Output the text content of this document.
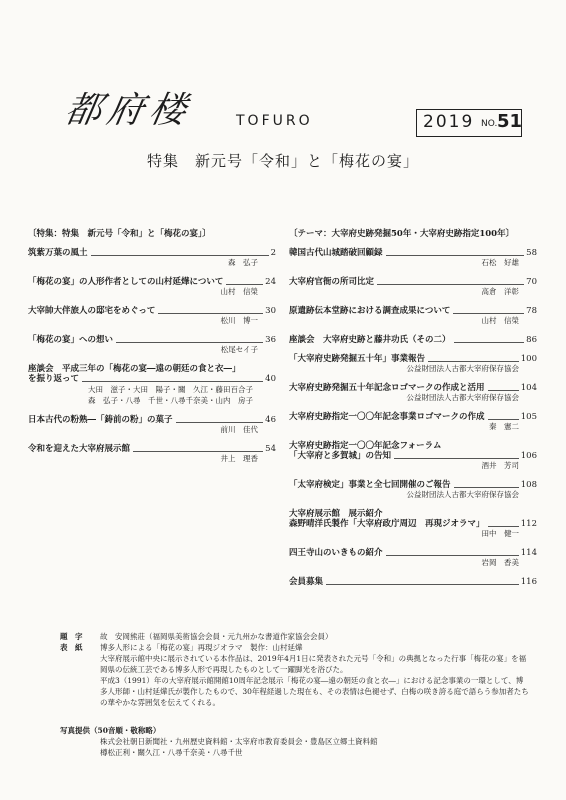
都府楼	TOFURO	2019 NO. 51
特集　新元号「令和」と「梅花の宴」
〔特集：特集　新元号「令和」と「梅花の宴」〕
筑紫万葉の風土	2
森　弘子
「梅花の宴」の人形作者としての山村延燁について	24
山村　信榮
大宰帥大伴旅人の邸宅をめぐって	30
松川　博一
「梅花の宴」への想い	36
松尾セイ子
座談会　平成三年の「梅花の宴―遠の朝廷の食と衣―」
を振り返って	40
大田　滋子・大田　陽子・關　久江・藤田百合子
森　弘子・八尋　千世・八尋千奈美・山内　房子
日本古代の粉熟―「鋳前の粉」の菓子	46
前川　佳代
令和を迎えた大宰府展示館	54
井上　理香
〔テーマ：大宰府史跡発掘50年・大宰府史跡指定100年〕
韓国古代山城踏破回顧録	58
石松　好雄
大宰府官衙の所司比定	70
高倉　洋彰
原遺跡伝本堂跡における調査成果について	78
山村　信榮
座談会　大宰府史跡と藤井功氏（その二）	86
「大宰府史跡発掘五十年」事業報告	100
公益財団法人古都大宰府保存協会
大宰府史跡発掘五十年記念ロゴマークの作成と活用	104
公益財団法人古都大宰府保存協会
大宰府史跡指定一〇〇年記念事業ロゴマークの作成	105
秦　憲二
大宰府史跡指定一〇〇年記念フォーラム
「大宰府と多賀城」の告知	106
酒井　芳司
「太宰府検定」事業と全七回開催のご報告	108
公益財団法人古都大宰府保存協会
大宰府展示館　展示紹介
森野晴洋氏製作「大宰府政庁周辺　再現ジオラマ」	112
田中　健一
四王寺山のいきもの紹介	114
岩岡　香美
会員募集	116
題　字	故　安岡熊莊（福岡県美術協会会員・元九州かな書道作家協会会員）
表　紙	博多人形による「梅花の宴」再現ジオラマ　製作：山村延燁
大宰府展示館中央に展示されている本作品は、2019年4月1日に発表された元号「令和」の典拠となった行事「梅花の宴」を福岡県の伝統工芸である博多人形で再現したものとして一躍脚光を浴びた。
平成3（1991）年の大宰府展示館開館10周年記念展示「梅花の宴―遠の朝廷の食と衣―」における記念事業の一環として、博多人形師・山村延燁氏が製作したもので、30年程経過した現在も、その表情は色褪せず、白梅の咲き誇る庭で語らう参加者たちの華やかな雰囲気を伝えてくれる。
写真提供（50音順・敬称略）
株式会社朝日新聞社・九州歴史資料館・太宰府市教育委員会・豊島区立郷土資料館
樽松正利・關久江・八尋千奈美・八尋千世
